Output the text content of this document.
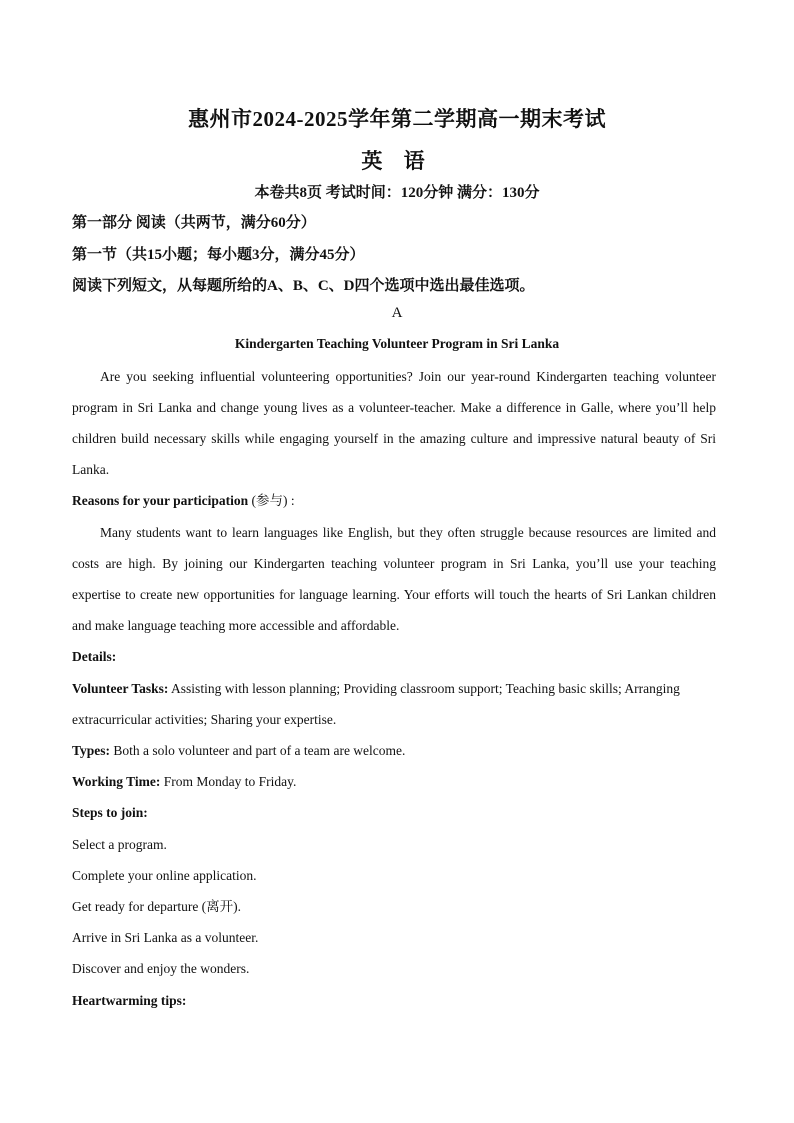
惠州市2024-2025学年第二学期高一期末考试
英 语
本卷共8页 考试时间：120分钟 满分：130分
第一部分 阅读（共两节，满分60分）
第一节（共15小题；每小题3分，满分45分）
阅读下列短文，从每题所给的A、B、C、D四个选项中选出最佳选项。
A
Kindergarten Teaching Volunteer Program in Sri Lanka
Are you seeking influential volunteering opportunities? Join our year-round Kindergarten teaching volunteer program in Sri Lanka and change young lives as a volunteer-teacher. Make a difference in Galle, where you’ll help children build necessary skills while engaging yourself in the amazing culture and impressive natural beauty of Sri Lanka.
Reasons for your participation (参与) :
Many students want to learn languages like English, but they often struggle because resources are limited and costs are high. By joining our Kindergarten teaching volunteer program in Sri Lanka, you’ll use your teaching expertise to create new opportunities for language learning. Your efforts will touch the hearts of Sri Lankan children and make language teaching more accessible and affordable.
Details:
Volunteer Tasks: Assisting with lesson planning; Providing classroom support; Teaching basic skills; Arranging
extracurricular activities; Sharing your expertise.
Types: Both a solo volunteer and part of a team are welcome.
Working Time: From Monday to Friday.
Steps to join:
Select a program.
Complete your online application.
Get ready for departure (离开).
Arrive in Sri Lanka as a volunteer.
Discover and enjoy the wonders.
Heartwarming tips:
